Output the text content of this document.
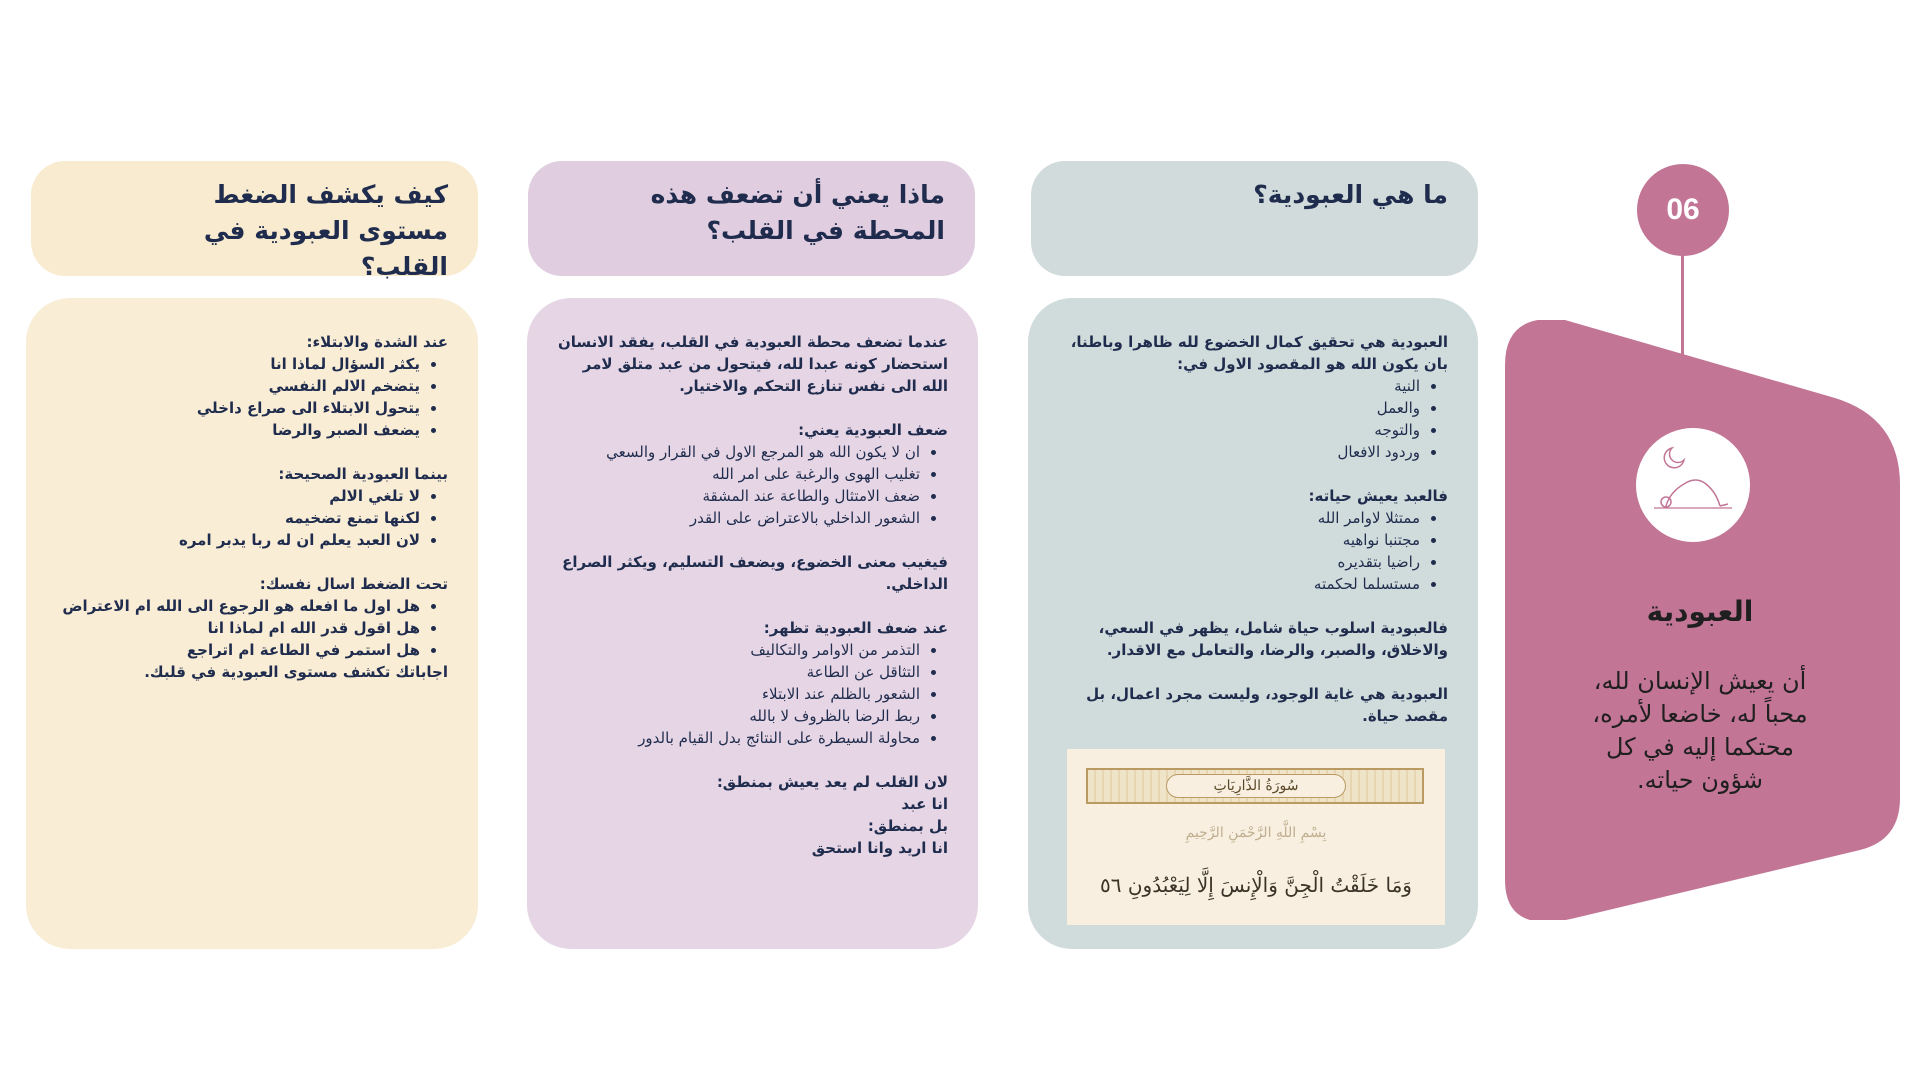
ما هي العبودية؟

العبودية هي تحقيق كمال الخضوع لله ظاهرا وباطنا، بان يكون الله هو المقصود الاول في:

• النية
• والعمل
• والتوجه
• وردود الافعال

فالعبد يعيش حياته:

• ممتثلا لاوامر الله
• مجتنبا نواهيه
• راضيا بتقديره
• مستسلما لحكمته

فالعبودية اسلوب حياة شامل، يظهر في السعي، والاخلاق، والصبر، والرضا، والتعامل مع الاقدار.

العبودية هي غاية الوجود، وليست مجرد اعمال، بل مقصد حياة.

سُورَةُ الذَّارِيَاتِ
بِسْمِ اللَّهِ الرَّحْمَنِ الرَّحِيمِ
وَمَا خَلَقْتُ الْجِنَّ وَالْإِنسَ إِلَّا لِيَعْبُدُونِ ٥٦
ماذا يعني أن تضعف هذه المحطة في القلب؟

عندما تضعف محطة العبودية في القلب، يفقد الانسان استحضار كونه عبدا لله، فيتحول من عبد متلق لامر الله الى نفس تنازع التحكم والاختيار.

ضعف العبودية يعني:

• ان لا يكون الله هو المرجع الاول في القرار والسعي
• تغليب الهوى والرغبة على امر الله
• ضعف الامتثال والطاعة عند المشقة
• الشعور الداخلي بالاعتراض على القدر

فيغيب معنى الخضوع، ويضعف التسليم، ويكثر الصراع الداخلي.

عند ضعف العبودية تظهر:

• التذمر من الاوامر والتكاليف
• التثاقل عن الطاعة
• الشعور بالظلم عند الابتلاء
• ربط الرضا بالظروف لا بالله
• محاولة السيطرة على النتائج بدل القيام بالدور

لان القلب لم يعد يعيش بمنطق:

انا عبد

بل بمنطق:

انا اريد وانا استحق

كيف يكشف الضغط مستوى العبودية في القلب؟

عند الشدة والابتلاء:

• يكثر السؤال لماذا انا
• يتضخم الالم النفسي
• يتحول الابتلاء الى صراع داخلي
• يضعف الصبر والرضا

بينما العبودية الصحيحة:

• لا تلغي الالم
• لكنها تمنع تضخيمه
• لان العبد يعلم ان له ربا يدبر امره

تحت الضغط اسال نفسك:

• هل اول ما افعله هو الرجوع الى الله ام الاعتراض
• هل اقول قدر الله ام لماذا انا
• هل استمر في الطاعة ام اتراجع

اجاباتك تكشف مستوى العبودية في قلبك.

06
العبودية
أن يعيش الإنسان لله،
محباً له، خاضعا لأمره،
محتكما إليه في كل
شؤون حياته.
